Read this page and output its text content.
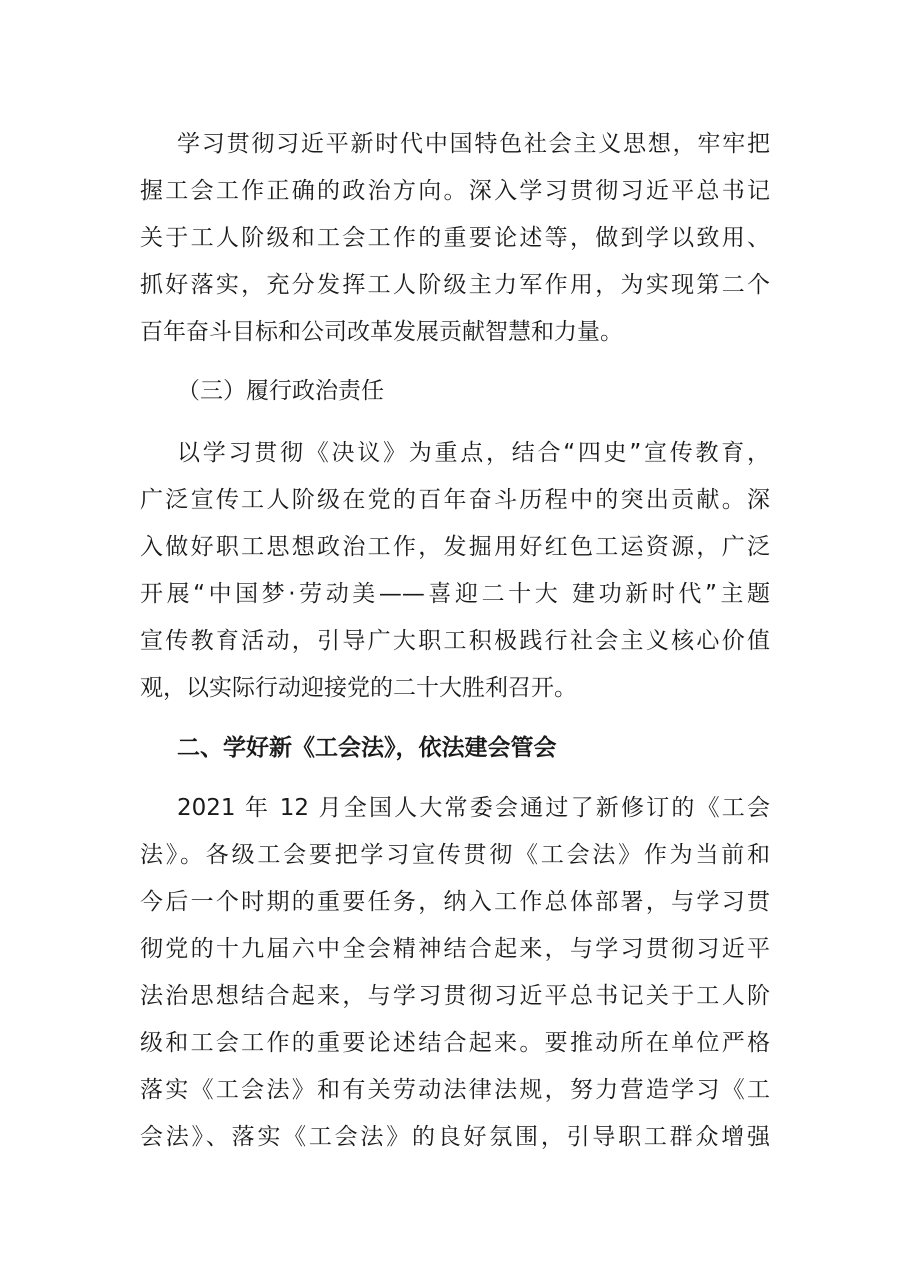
学习贯彻习近平新时代中国特色社会主义思想，牢牢把
握工会工作正确的政治方向。深入学习贯彻习近平总书记
关于工人阶级和工会工作的重要论述等，做到学以致用、
抓好落实，充分发挥工人阶级主力军作用，为实现第二个
百年奋斗目标和公司改革发展贡献智慧和力量。
（三）履行政治责任
以学习贯彻《决议》为重点，结合“四史”宣传教育，
广泛宣传工人阶级在党的百年奋斗历程中的突出贡献。深
入做好职工思想政治工作，发掘用好红色工运资源，广泛
开展“中国梦·劳动美——喜迎二十大 建功新时代”主题
宣传教育活动，引导广大职工积极践行社会主义核心价值
观，以实际行动迎接党的二十大胜利召开。
二、学好新《工会法》，依法建会管会
2021 年 12 月全国人大常委会通过了新修订的《工会
法》。各级工会要把学习宣传贯彻《工会法》作为当前和
今后一个时期的重要任务，纳入工作总体部署，与学习贯
彻党的十九届六中全会精神结合起来，与学习贯彻习近平
法治思想结合起来，与学习贯彻习近平总书记关于工人阶
级和工会工作的重要论述结合起来。要推动所在单位严格
落实《工会法》和有关劳动法律法规，努力营造学习《工
会法》、落实《工会法》的良好氛围，引导职工群众增强
